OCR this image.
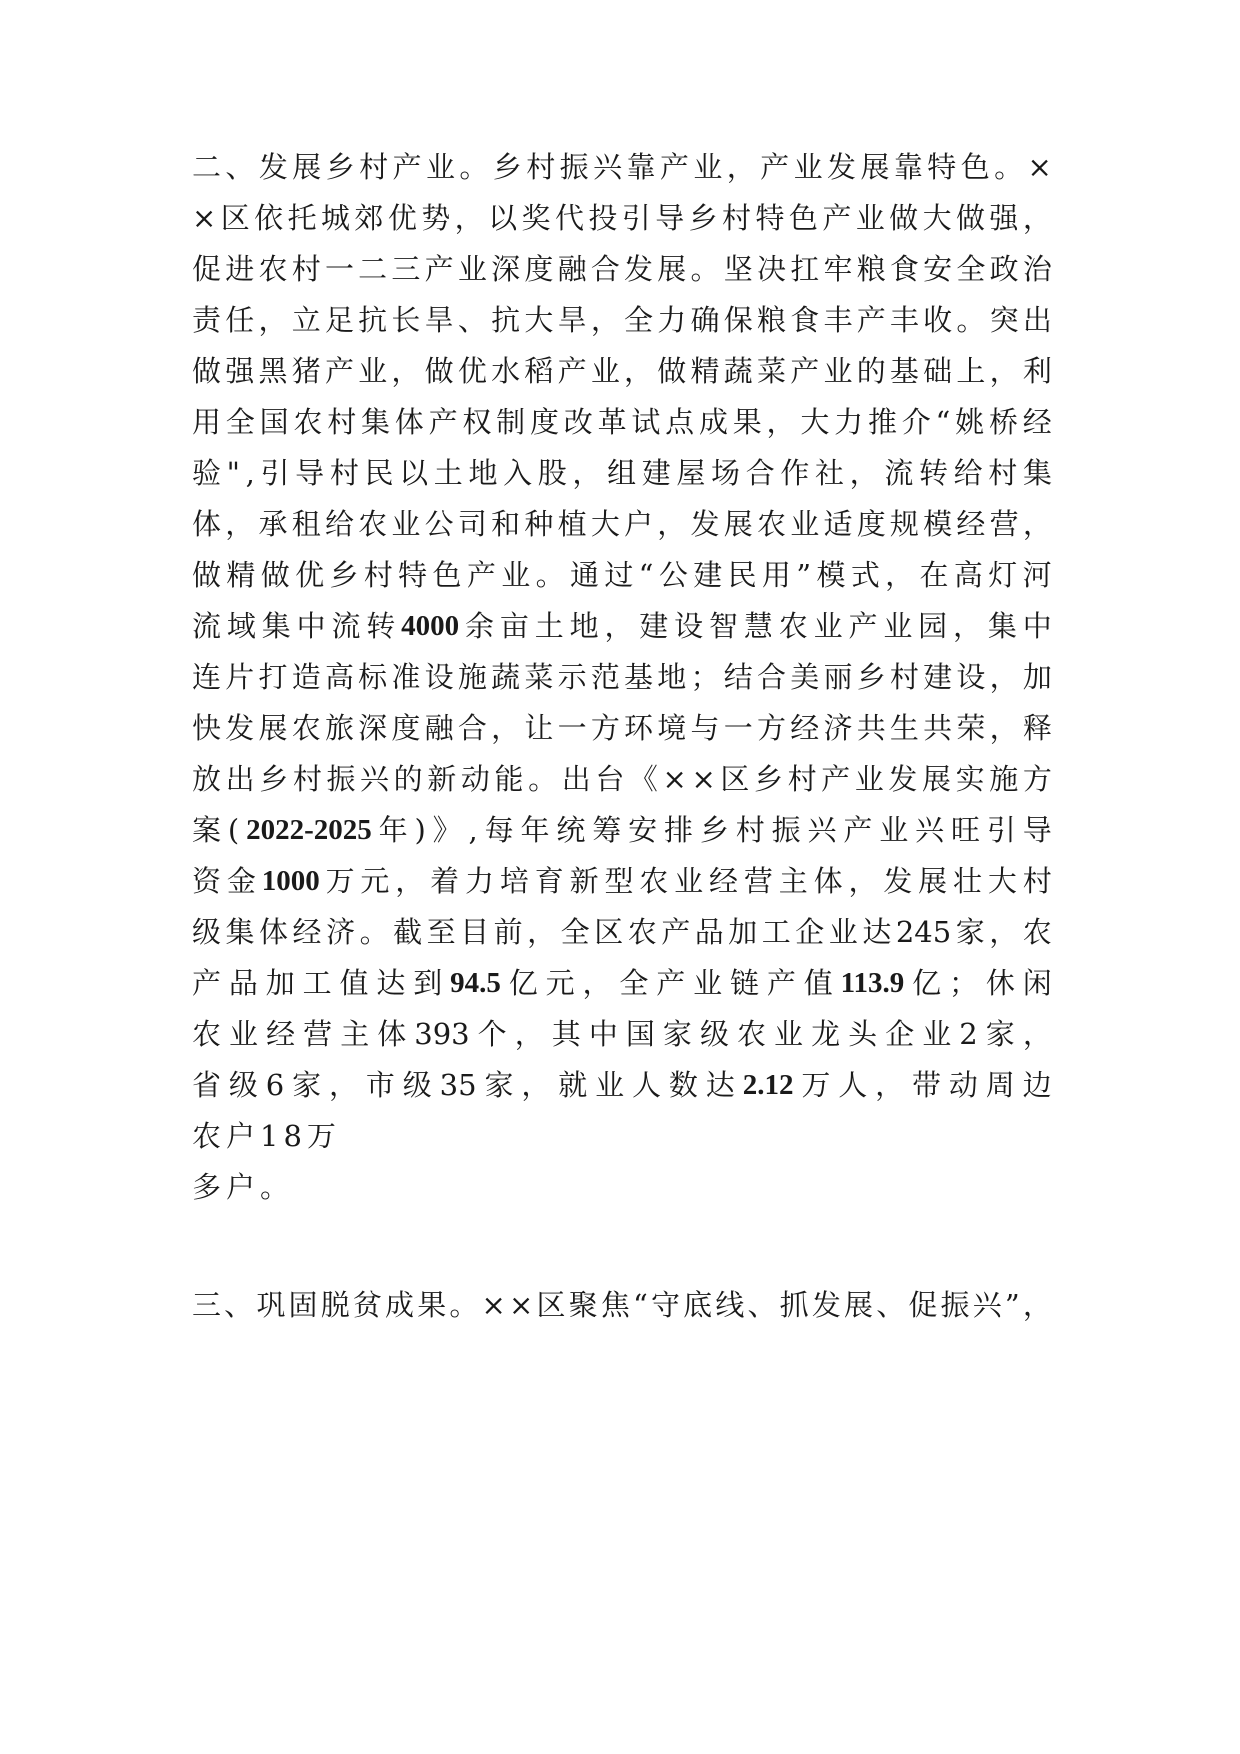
二 、 发 展 乡 村 产 业 。 乡 村 振 兴 靠 产 业 ， 产 业 发 展 靠 特 色 。 ×
× 区 依 托 城 郊 优 势 ， 以 奖 代 投 引 导 乡 村 特 色 产 业 做 大 做 强 ，
促 进 农 村 一 二 三 产 业 深 度 融 合 发 展 。 坚 决 扛 牢 粮 食 安 全 政 治
责 任 ， 立 足 抗 长 旱 、 抗 大 旱 ， 全 力 确 保 粮 食 丰 产 丰 收 。 突 出
做 强 黑 猪 产 业 ， 做 优 水 稻 产 业 ， 做 精 蔬 菜 产 业 的 基 础 上 ， 利
用 全 国 农 村 集 体 产 权 制 度 改 革 试 点 成 果 ， 大 力 推 介 “ 姚 桥 经
验 " , 引 导 村 民 以 土 地 入 股 ， 组 建 屋 场 合 作 社 ， 流 转 给 村 集
体 ， 承 租 给 农 业 公 司 和 种 植 大 户 ， 发 展 农 业 适 度 规 模 经 营 ，
做 精 做 优 乡 村 特 色 产 业 。 通 过 “ 公 建 民 用 ” 模 式 ， 在 高 灯 河
流 域 集 中 流 转 4000 余 亩 土 地 ， 建 设 智 慧 农 业 产 业 园 ， 集 中
连 片 打 造 高 标 准 设 施 蔬 菜 示 范 基 地 ； 结 合 美 丽 乡 村 建 设 ， 加
快 发 展 农 旅 深 度 融 合 ， 让 一 方 环 境 与 一 方 经 济 共 生 共 荣 ， 释
放 出 乡 村 振 兴 的 新 动 能 。 出 台 《 × × 区 乡 村 产 业 发 展 实 施 方
案 ( 2022-2025 年 ) 》 , 每 年 统 筹 安 排 乡 村 振 兴 产 业 兴 旺 引 导
资 金 1000 万 元 ， 着 力 培 育 新 型 农 业 经 营 主 体 ， 发 展 壮 大 村
级 集 体 经 济 。 截 至 目 前 ， 全 区 农 产 品 加 工 企 业 达 245 家 ， 农
产 品 加 工 值 达 到 94.5 亿 元 ， 全 产 业 链 产 值 113.9 亿 ； 休 闲
农 业 经 营 主 体 393 个 ， 其 中 国 家 级 农 业 龙 头 企 业 2 家 ，
省 级 6 家 ， 市 级 35 家 ， 就 业 人 数 达 2.12 万 人 ， 带 动 周 边
农户18万
多户。
三 、 巩 固 脱 贫 成 果 。 × × 区 聚 焦 “ 守 底 线 、 抓 发 展 、 促 振 兴 ” ，
